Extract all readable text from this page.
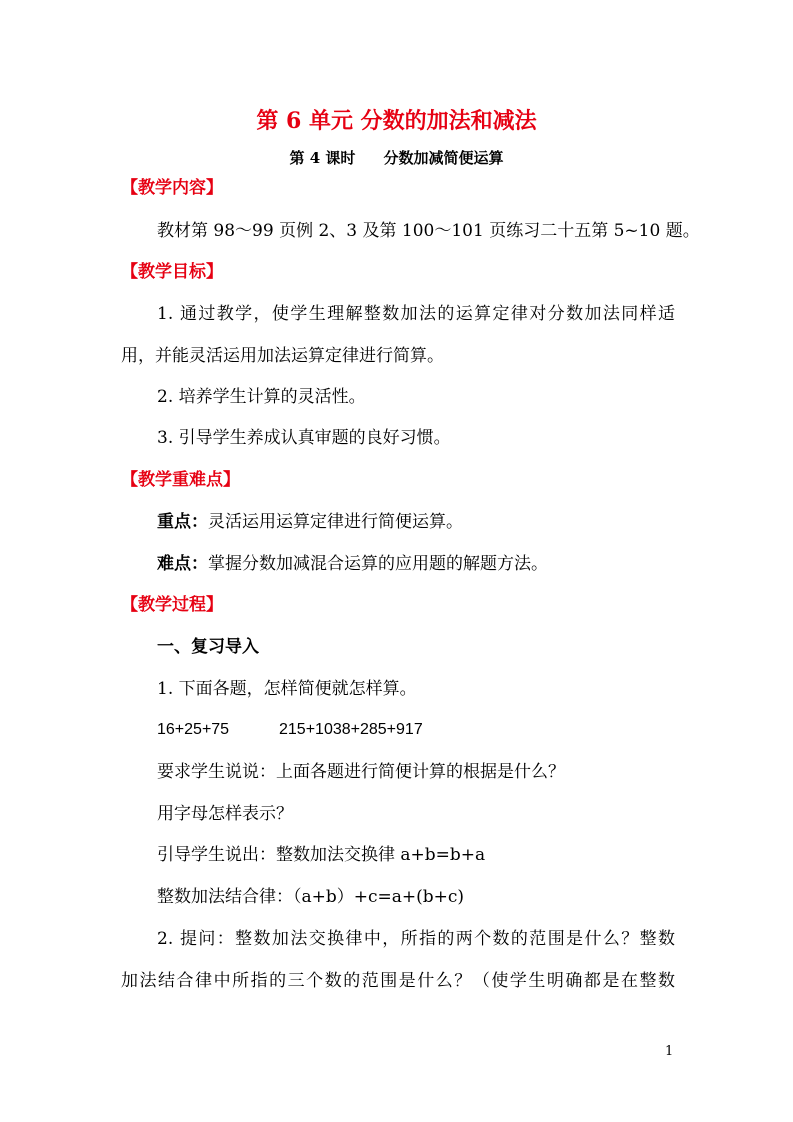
第 6 单元 分数的加法和减法
第 4 课时 分数加减简便运算
【教学内容】
教材第 98～99 页例 2、3 及第 100～101 页练习二十五第 5~10 题。
【教学目标】
1. 通过教学，使学生理解整数加法的运算定律对分数加法同样适
用，并能灵活运用加法运算定律进行简算。
2. 培养学生计算的灵活性。
3. 引导学生养成认真审题的良好习惯。
【教学重难点】
重点：灵活运用运算定律进行简便运算。
难点：掌握分数加减混合运算的应用题的解题方法。
【教学过程】
一、复习导入
1. 下面各题，怎样简便就怎样算。
16+25+75	215+1038+285+917
要求学生说说：上面各题进行简便计算的根据是什么？
用字母怎样表示？
引导学生说出：整数加法交换律 a+b=b+a
整数加法结合律：（a+b）+c=a+(b+c)
2. 提问：整数加法交换律中，所指的两个数的范围是什么？整数
加法结合律中所指的三个数的范围是什么？（使学生明确都是在整数
1
